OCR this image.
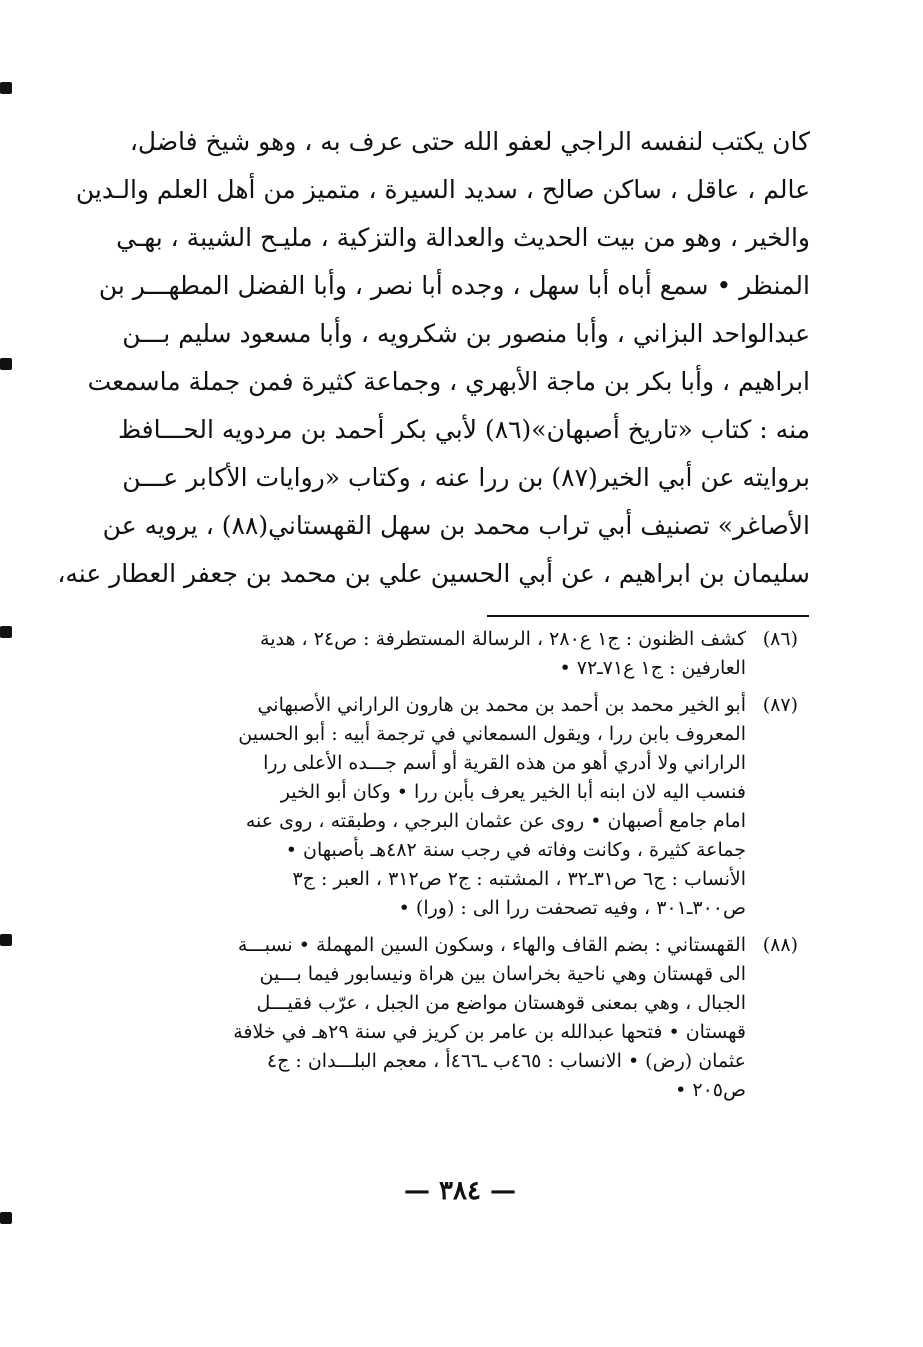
كان يكتب لنفسه الراجي لعفو الله حتى عرف به ، وهو شيخ فاضل،
عالم ، عاقل ، ساكن صالح ، سديد السيرة ، متميز من أهل العلم والـدين
والخير ، وهو من بيت الحديث والعدالة والتزكية ، مليـح الشيبة ، بهـي
المنظر • سمع أباه أبا سهل ، وجده أبا نصر ، وأبا الفضل المطهـــر بن
عبدالواحد البزاني ، وأبا منصور بن شكرويه ، وأبا مسعود سليم بـــن
ابراهيم ، وأبا بكر بن ماجة الأبهري ، وجماعة كثيرة فمن جملة ماسمعت
منه : كتاب «تاريخ أصبهان»(٨٦) لأبي بكر أحمد بن مردويه الحـــافظ
بروايته عن أبي الخير(٨٧) بن ررا عنه ، وكتاب «روايات الأكابر عـــن
الأصاغر» تصنيف أبي تراب محمد بن سهل القهستاني(٨٨) ، يرويه عن
سليمان بن ابراهيم ، عن أبي الحسين علي بن محمد بن جعفر العطار عنه،
(٨٦)
كشف الظنون : ج١ ع٢٨٠ ، الرسالة المستطرفة : ص٢٤ ، هدية
العارفين : ج١ ع٧١ـ٧٢ •
(٨٧)
أبو الخير محمد بن أحمد بن محمد بن هارون الراراني الأصبهاني
المعروف بابن ررا ، ويقول السمعاني في ترجمة أبيه : أبو الحسين
الراراني ولا أدري أهو من هذه القرية أو أسم جـــده الأعلى ررا
فنسب اليه لان ابنه أبا الخير يعرف بأبن ررا • وكان أبو الخير
امام جامع أصبهان • روى عن عثمان البرجي ، وطبقته ، روى عنه
جماعة كثيرة ، وكانت وفاته في رجب سنة ٤٨٢هـ بأصبهان •
الأنساب : ج٦ ص٣١ـ٣٢ ، المشتبه : ج٢ ص٣١٢ ، العبر : ج٣
ص٣٠٠ـ٣٠١ ، وفيه تصحفت ررا الى : (ورا) •
(٨٨)
القهستاني : بضم القاف والهاء ، وسكون السين المهملة • نسبـــة
الى قهستان وهي ناحية بخراسان بين هراة ونيسابور فيما بـــين
الجبال ، وهي بمعنى قوهستان مواضع من الجبل ، عرّب فقيـــل
قهستان • فتحها عبدالله بن عامر بن كريز في سنة ٢٩هـ في خلافة
عثمان (رض) • الانساب : ٤٦٥ب ـ٤٦٦أ ، معجم البلـــدان : ج٤
ص٢٠٥ •
— ٣٨٤ —
